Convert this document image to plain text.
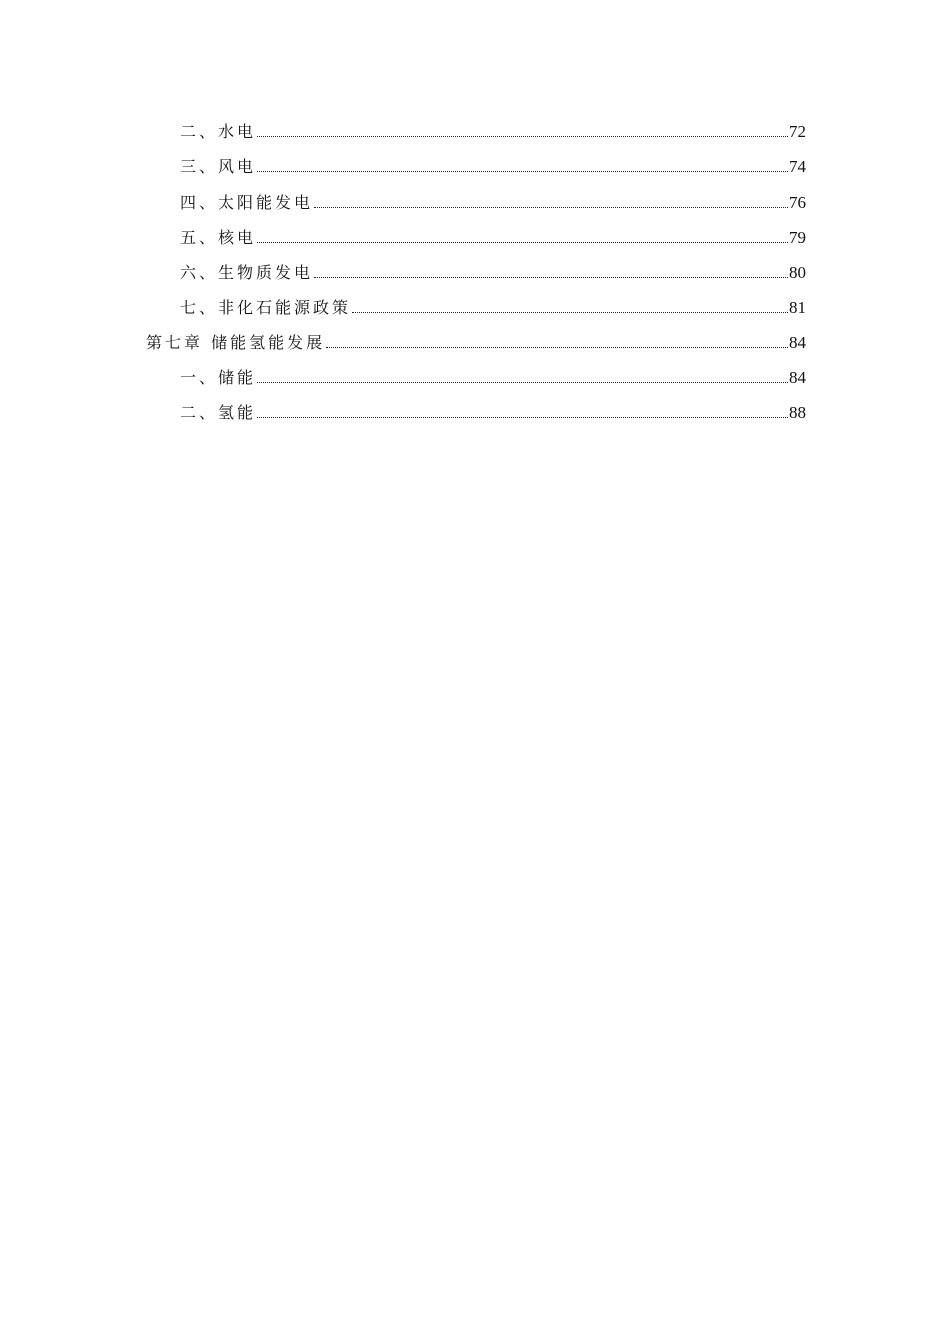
二、水电	72
三、风电	74
四、太阳能发电	76
五、核电	79
六、生物质发电	80
七、非化石能源政策	81
第七章 储能氢能发展	84
一、储能	84
二、氢能	88
